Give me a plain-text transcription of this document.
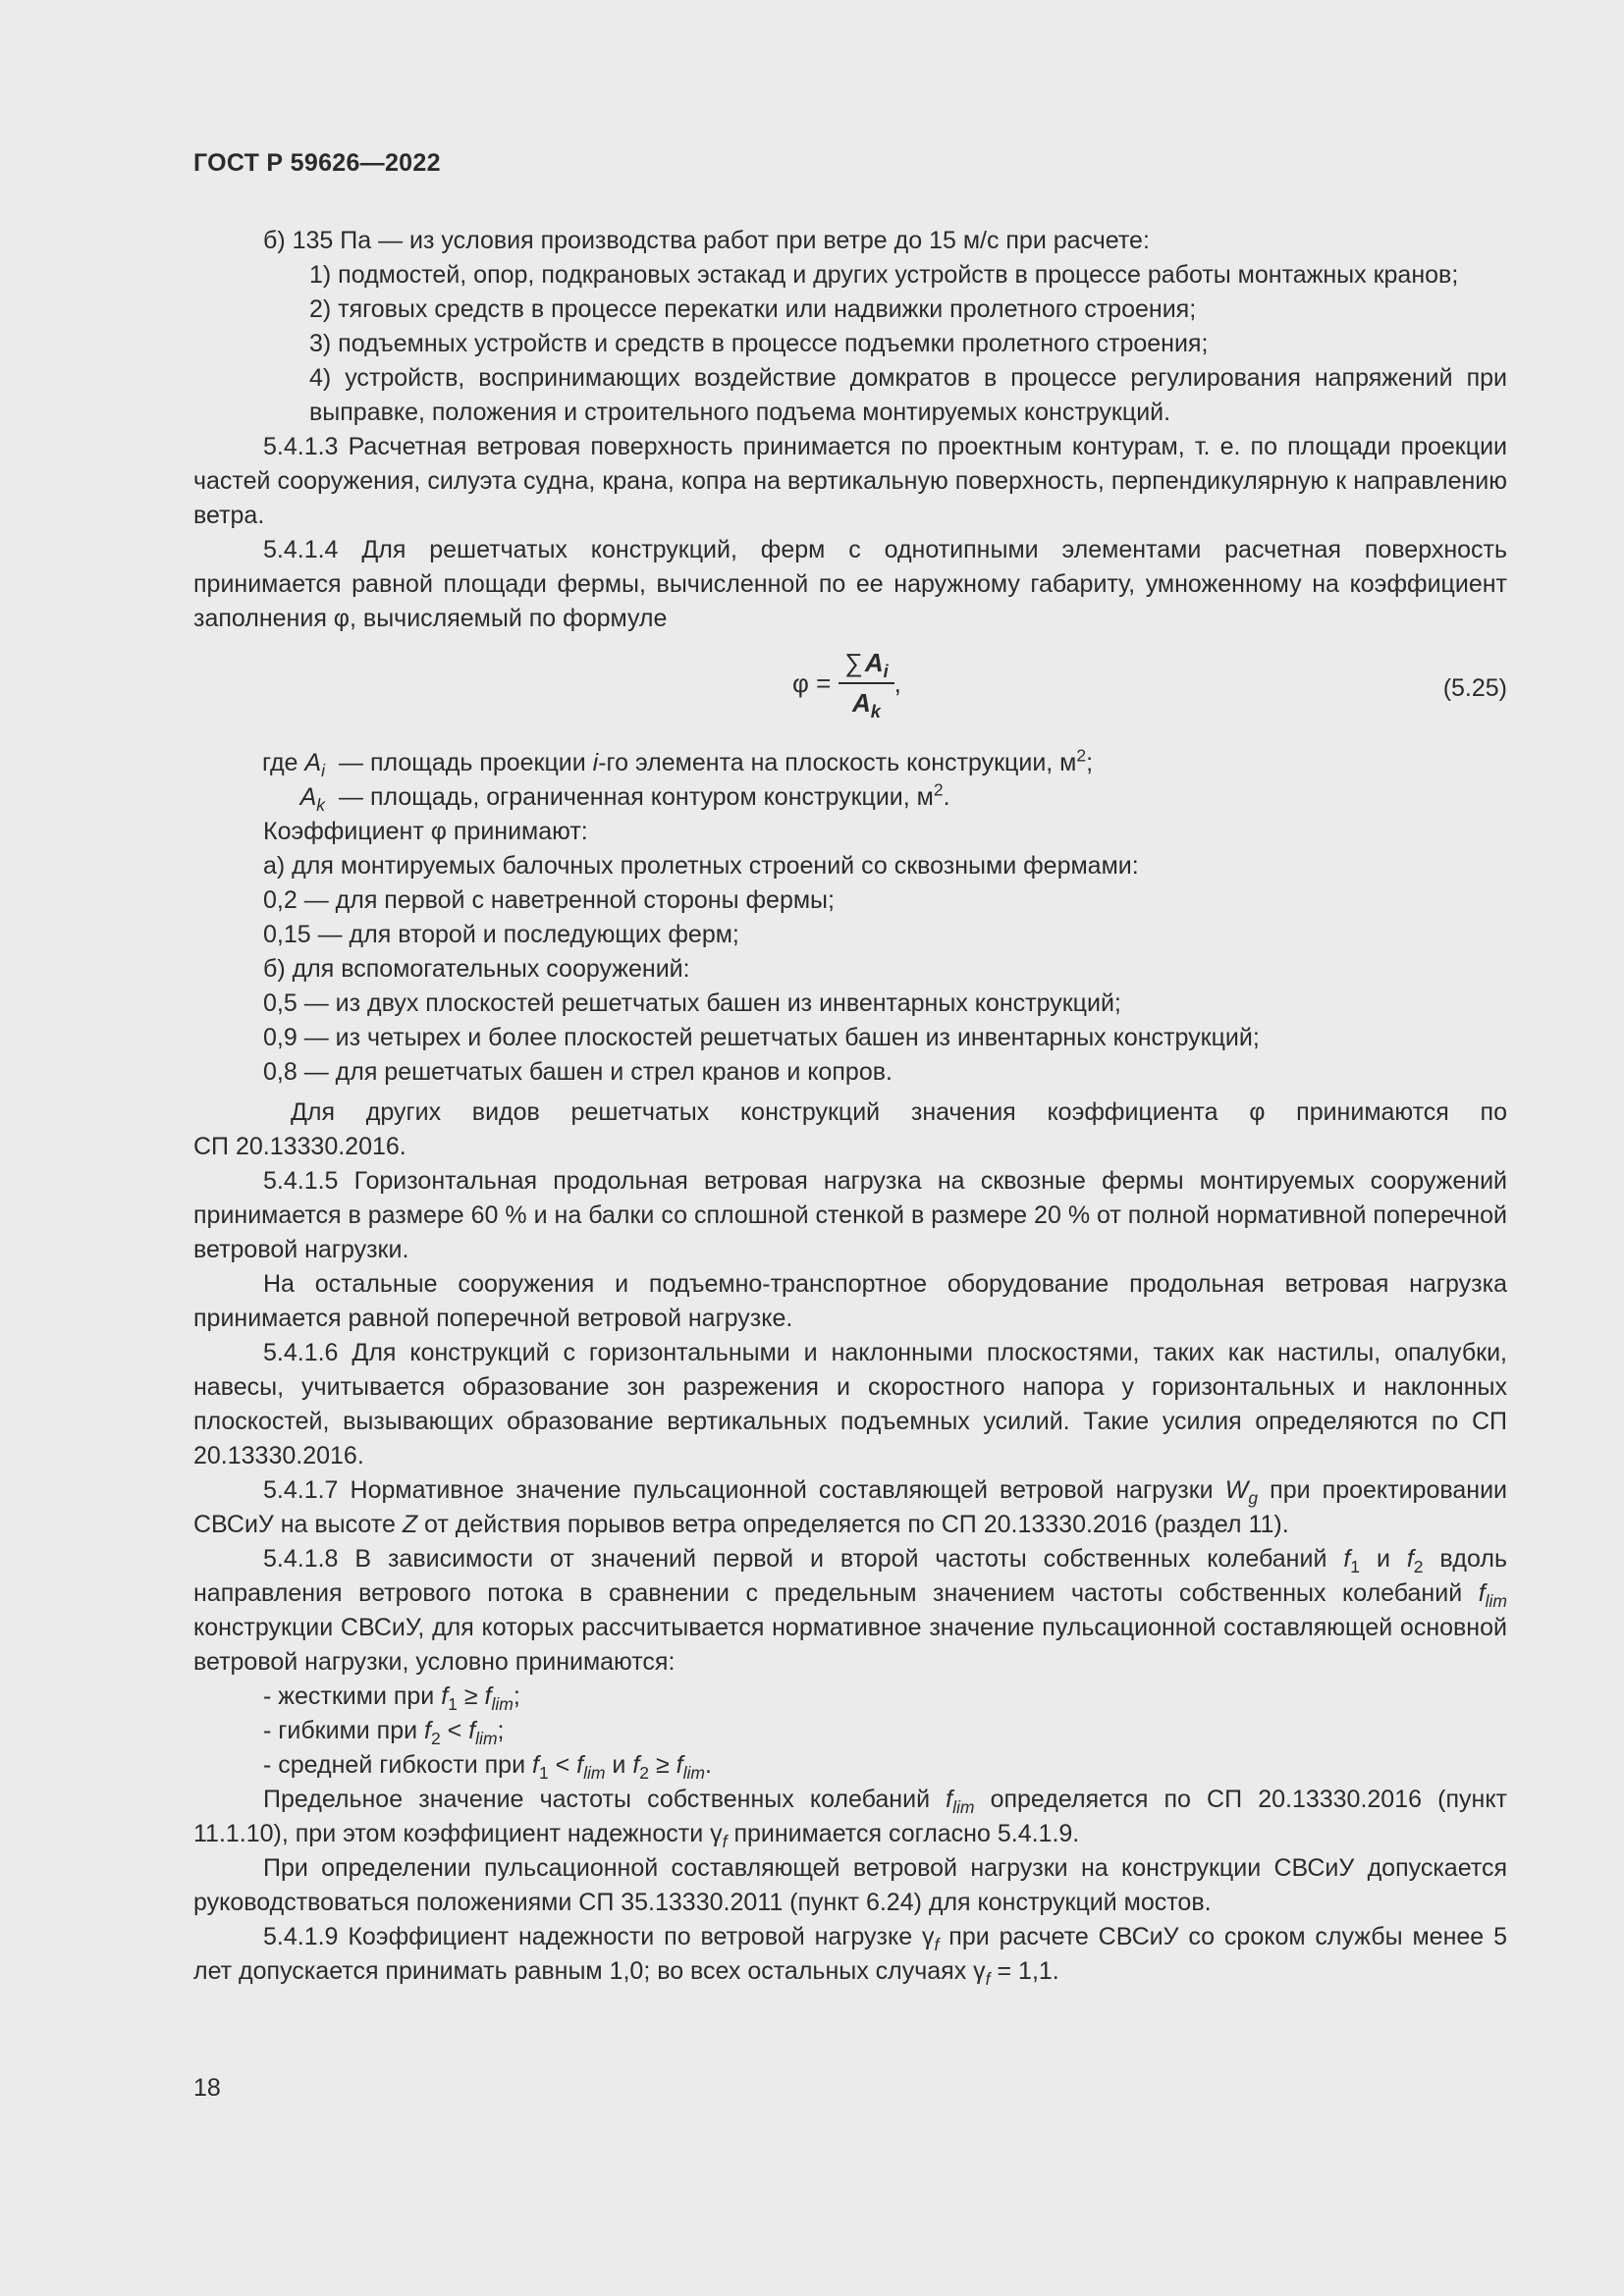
ГОСТ Р 59626—2022

б) 135 Па — из условия производства работ при ветре до 15 м/с при расчете:

1) подмостей, опор, подкрановых эстакад и других устройств в процессе работы монтажных кранов;

2) тяговых средств в процессе перекатки или надвижки пролетного строения;

3) подъемных устройств и средств в процессе подъемки пролетного строения;

4) устройств, воспринимающих воздействие домкратов в процессе регулирования напряжений при выправке, положения и строительного подъема монтируемых конструкций.

5.4.1.3 Расчетная ветровая поверхность принимается по проектным контурам, т. е. по площади проекции частей сооружения, силуэта судна, крана, копра на вертикальную поверхность, перпендикулярную к направлению ветра.

5.4.1.4 Для решетчатых конструкций, ферм с однотипными элементами расчетная поверхность принимается равной площади фермы, вычисленной по ее наружному габариту, умноженному на коэффициент заполнения φ, вычисляемый по формуле

$\varphi = \frac{\sum A_i}{A_k}$ ,	(5.25)
где $A_i$ — площадь проекции i-го элемента на плоскость конструкции, $м^2$;
$A_k$ — площадь, ограниченная контуром конструкции, $м^2$.

Коэффициент φ принимают:

а) для монтируемых балочных пролетных строений со сквозными фермами:

0,2 — для первой с наветренной стороны фермы;

0,15 — для второй и последующих ферм;

б) для вспомогательных сооружений:

0,5 — из двух плоскостей решетчатых башен из инвентарных конструкций;

0,9 — из четырех и более плоскостей решетчатых башен из инвентарных конструкций;

0,8 — для решетчатых башен и стрел кранов и копров.

Для других видов решетчатых конструкций значения коэффициента φ принимаются по

СП 20.13330.2016.

5.4.1.5 Горизонтальная продольная ветровая нагрузка на сквозные фермы монтируемых сооружений принимается в размере 60 % и на балки со сплошной стенкой в размере 20 % от полной нормативной поперечной ветровой нагрузки.

На остальные сооружения и подъемно-транспортное оборудование продольная ветровая нагрузка принимается равной поперечной ветровой нагрузке.

5.4.1.6 Для конструкций с горизонтальными и наклонными плоскостями, таких как настилы, опалубки, навесы, учитывается образование зон разрежения и скоростного напора у горизонтальных и наклонных плоскостей, вызывающих образование вертикальных подъемных усилий. Такие усилия определяются по СП 20.13330.2016.

5.4.1.7 Нормативное значение пульсационной составляющей ветровой нагрузки $W_g$ при проектировании СВСиУ на высоте Z от действия порывов ветра определяется по СП 20.13330.2016 (раздел 11).

5.4.1.8 В зависимости от значений первой и второй частоты собственных колебаний $f_1$ и $f_2$ вдоль направления ветрового потока в сравнении с предельным значением частоты собственных колебаний $f_{lim}$ конструкции СВСиУ, для которых рассчитывается нормативное значение пульсационной составляющей основной ветровой нагрузки, условно принимаются:

- жесткими при $f_1 \ge f_{lim}$;

- гибкими при $f_2 < f_{lim}$;

- средней гибкости при $f_1 < f_{lim}$ и $f_2 \ge f_{lim}$.

Предельное значение частоты собственных колебаний $f_{lim}$ определяется по СП 20.13330.2016 (пункт 11.1.10), при этом коэффициент надежности $\gamma_f$ принимается согласно 5.4.1.9.

При определении пульсационной составляющей ветровой нагрузки на конструкции СВСиУ допускается руководствоваться положениями СП 35.13330.2011 (пункт 6.24) для конструкций мостов.

5.4.1.9 Коэффициент надежности по ветровой нагрузке $\gamma_f$ при расчете СВСиУ со сроком службы менее 5 лет допускается принимать равным 1,0; во всех остальных случаях $\gamma_f = 1,1$.

18
